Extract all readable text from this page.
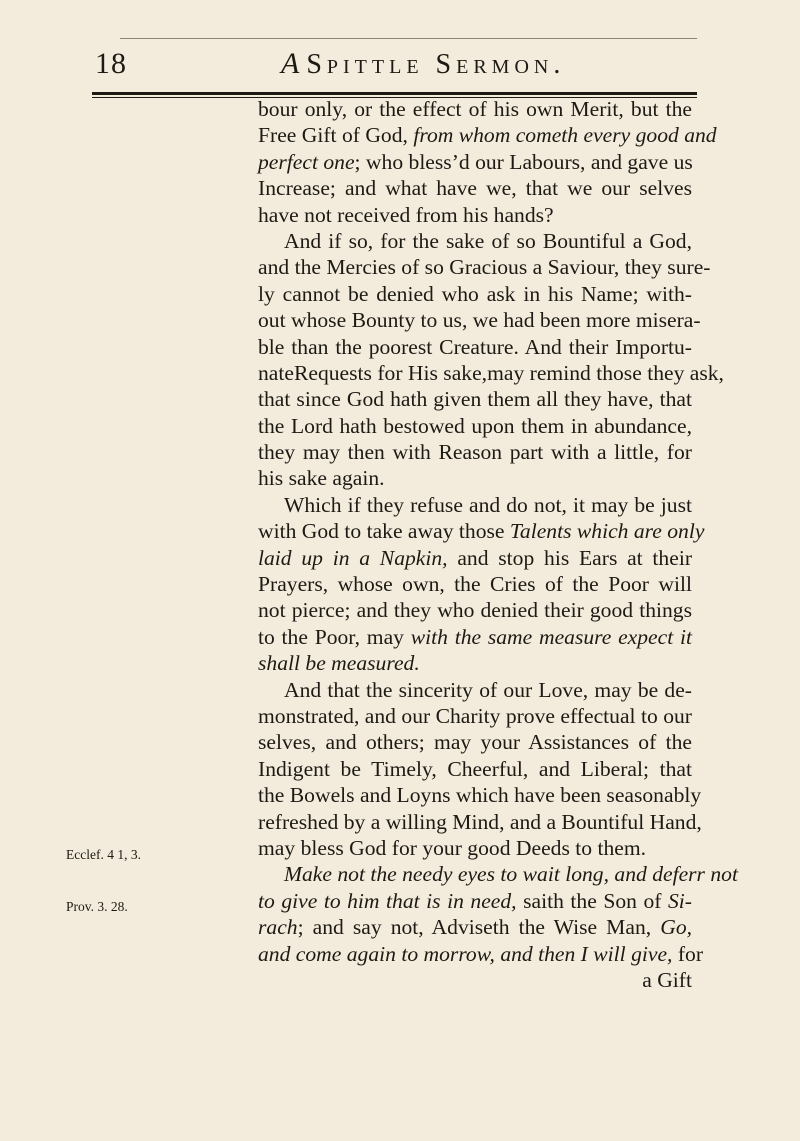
18	A Spittle Sermon.
bour only, or the effect of his own Merit, but the
Free Gift of God, from whom cometh every good and
perfect one; who bless’d our Labours, and gave us
Increase; and what have we, that we our selves
have not received from his hands?
And if so, for the sake of so Bountiful a God,
and the Mercies of so Gracious a Saviour, they sure-
ly cannot be denied who ask in his Name; with-
out whose Bounty to us, we had been more misera-
ble than the poorest Creature. And their Importu-
nateRequests for His sake,may remind those they ask,
that since God hath given them all they have, that
the Lord hath bestowed upon them in abundance,
they may then with Reason part with a little, for
his sake again.
Which if they refuse and do not, it may be just
with God to take away those Talents which are only
laid up in a Napkin, and stop his Ears at their
Prayers, whose own, the Cries of the Poor will
not pierce; and they who denied their good things
to the Poor, may with the same measure expect it
shall be measured.
And that the sincerity of our Love, may be de-
monstrated, and our Charity prove effectual to our
selves, and others; may your Assistances of the
Indigent be Timely, Cheerful, and Liberal; that
the Bowels and Loyns which have been seasonably
refreshed by a willing Mind, and a Bountiful Hand,
may bless God for your good Deeds to them.
Make not the needy eyes to wait long, and deferr not
to give to him that is in need, saith the Son of Si-
rach; and say not, Adviseth the Wise Man, Go,
and come again to morrow, and then I will give, for
a Gift
Ecclef. 4 1, 3.
Prov. 3. 28.
